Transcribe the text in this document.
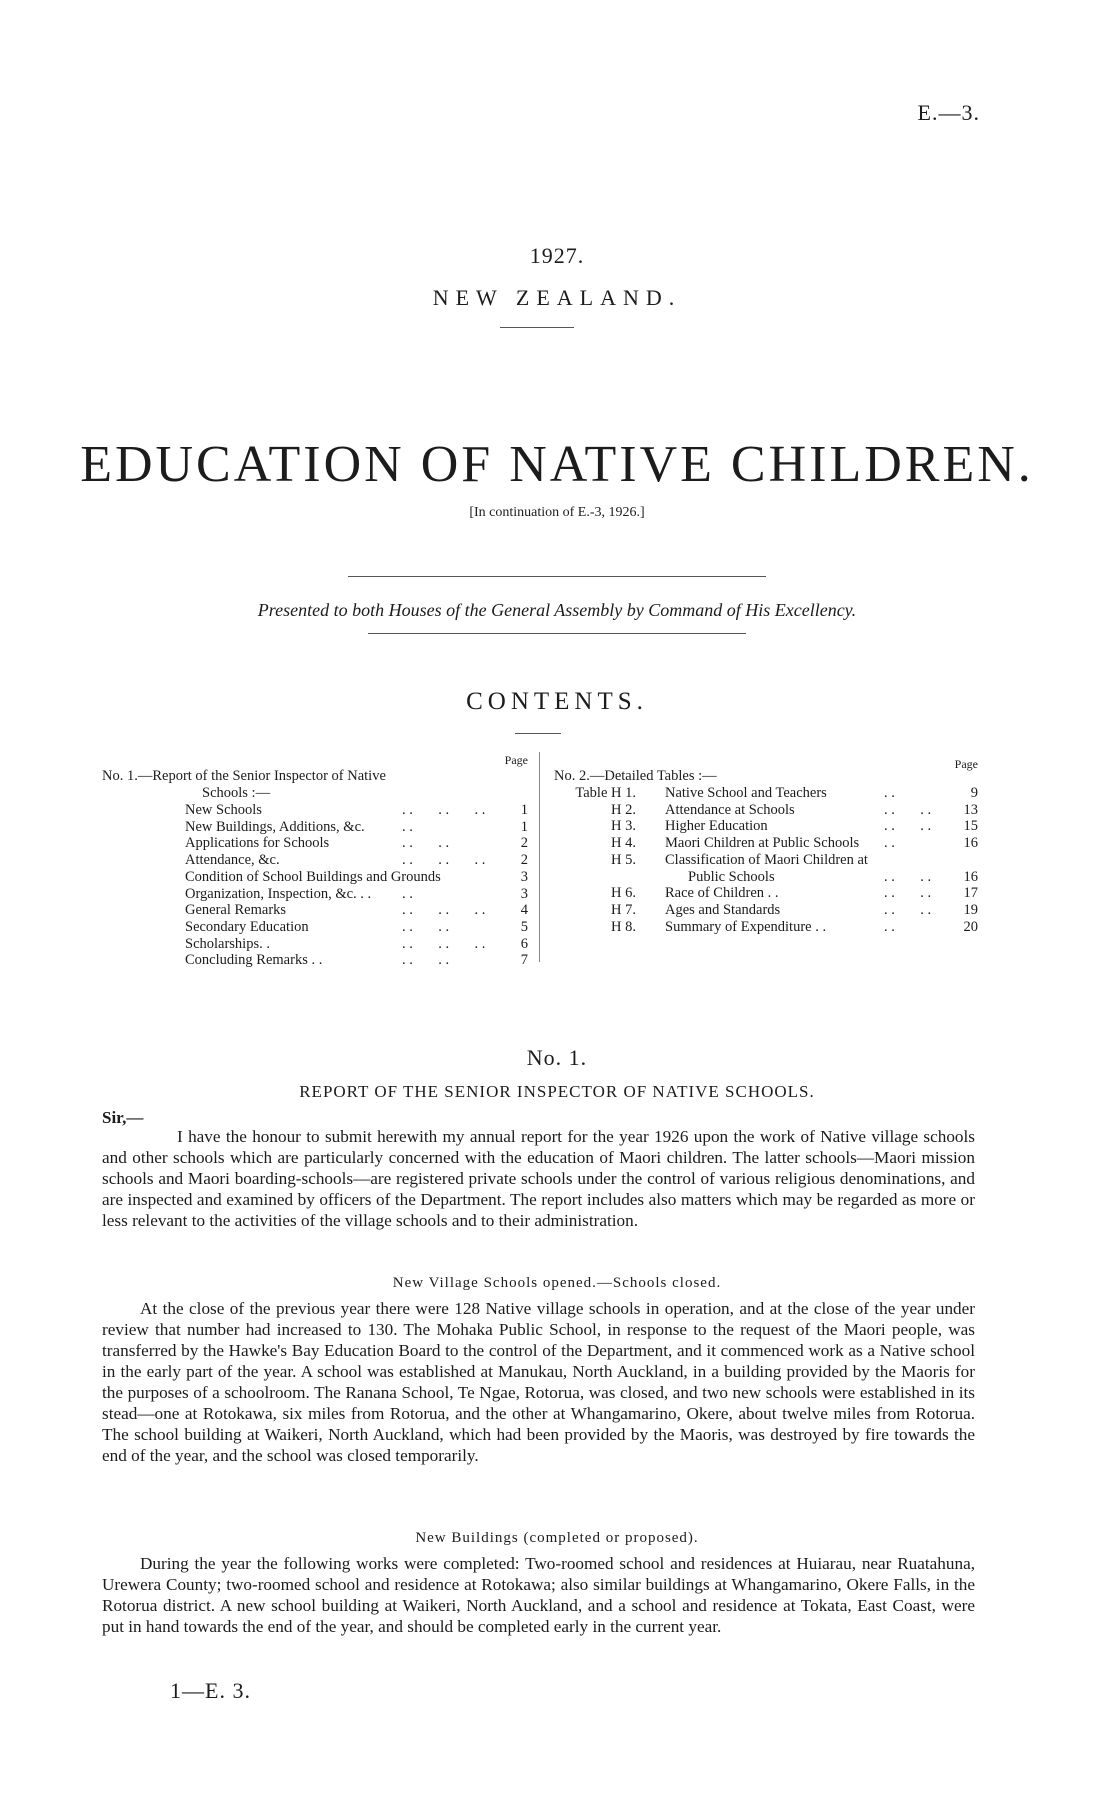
E.—3.
1927.
NEW ZEALAND.
EDUCATION OF NATIVE CHILDREN.
[In continuation of E.-3, 1926.]
Presented to both Houses of the General Assembly by Command of His Excellency.
CONTENTS.
Page
No. 1.—Report of the Senior Inspector of Native
Schools :—
New Schools	. .       . .       . . 1
New Buildings, Additions, &c.	. .	1
Applications for Schools	. .       . .	2
Attendance, &c.	. .       . .       . . 2
Condition of School Buildings and Grounds	3
Organization, Inspection, &c. . . . .	3
General Remarks	. .       . .       . . 4
Secondary Education	. .       . .	5
Scholarships. .	. .       . .       . . 6
Concluding Remarks . .	. .       . .	7
Page
No. 2.—Detailed Tables :—
Table H 1. Native School and Teachers	. .	9
H 2. Attendance at Schools	. .       . . 13
H 3. Higher Education	. .       . . 15
H 4. Maori Children at Public Schools . .	16
H 5. Classification of Maori Children at
Public Schools	. .       . . 16
H 6. Race of Children . .	. .       . . 17
H 7. Ages and Standards	. .       . . 19
H 8. Summary of Expenditure . .	. .	20
No. 1.
REPORT OF THE SENIOR INSPECTOR OF NATIVE SCHOOLS.
Sir,—

I have the honour to submit herewith my annual report for the year 1926 upon the work of Native village schools and other schools which are particularly concerned with the education of Maori children. The latter schools—Maori mission schools and Maori boarding-schools—are registered private schools under the control of various religious denominations, and are inspected and examined by officers of the Department. The report includes also matters which may be regarded as more or less relevant to the activities of the village schools and to their administration.

New Village Schools opened.—Schools closed.

At the close of the previous year there were 128 Native village schools in operation, and at the close of the year under review that number had increased to 130. The Mohaka Public School, in response to the request of the Maori people, was transferred by the Hawke's Bay Education Board to the control of the Department, and it commenced work as a Native school in the early part of the year. A school was established at Manukau, North Auckland, in a building provided by the Maoris for the purposes of a schoolroom. The Ranana School, Te Ngae, Rotorua, was closed, and two new schools were established in its stead—one at Rotokawa, six miles from Rotorua, and the other at Whangamarino, Okere, about twelve miles from Rotorua. The school building at Waikeri, North Auckland, which had been provided by the Maoris, was destroyed by fire towards the end of the year, and the school was closed temporarily.

New Buildings (completed or proposed).

During the year the following works were completed: Two-roomed school and residences at Huiarau, near Ruatahuna, Urewera County; two-roomed school and residence at Rotokawa; also similar buildings at Whangamarino, Okere Falls, in the Rotorua district. A new school building at Waikeri, North Auckland, and a school and residence at Tokata, East Coast, were put in hand towards the end of the year, and should be completed early in the current year.

1—E. 3.
